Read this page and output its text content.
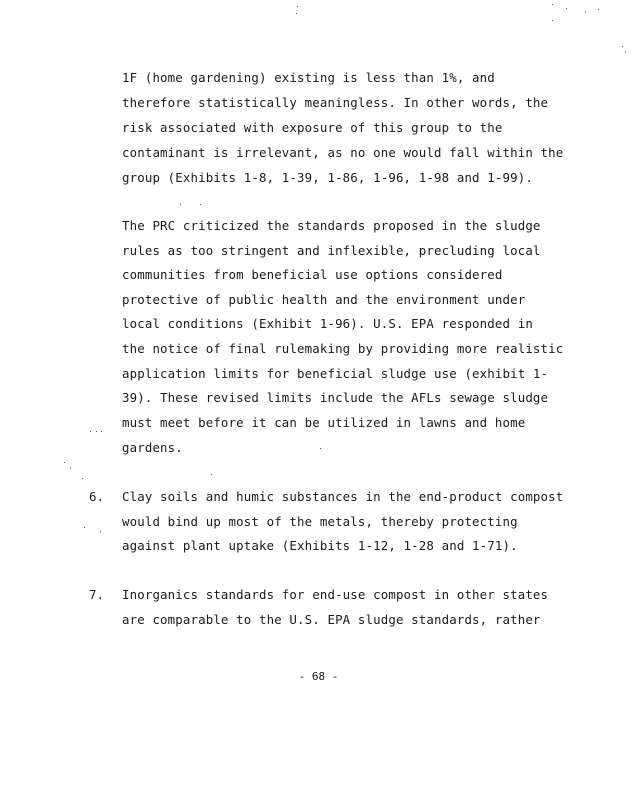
1F (home gardening) existing is less than 1%, and
therefore statistically meaningless. In other words, the
risk associated with exposure of this group to the
contaminant is irrelevant, as no one would fall within the
group (Exhibits 1-8, 1-39, 1-86, 1-96, 1-98 and 1-99).
The PRC criticized the standards proposed in the sludge
rules as too stringent and inflexible, precluding local
communities from beneficial use options considered
protective of public health and the environment under
local conditions (Exhibit 1-96). U.S. EPA responded in
the notice of final rulemaking by providing more realistic
application limits for beneficial sludge use (exhibit 1-
39). These revised limits include the AFLs sewage sludge
must meet before it can be utilized in lawns and home
gardens.
6. Clay soils and humic substances in the end-product compost
would bind up most of the metals, thereby protecting
against plant uptake (Exhibits 1-12, 1-28 and 1-71).
7. Inorganics standards for end-use compost in other states
are comparable to the U.S. EPA sludge standards, rather
- 68 -
